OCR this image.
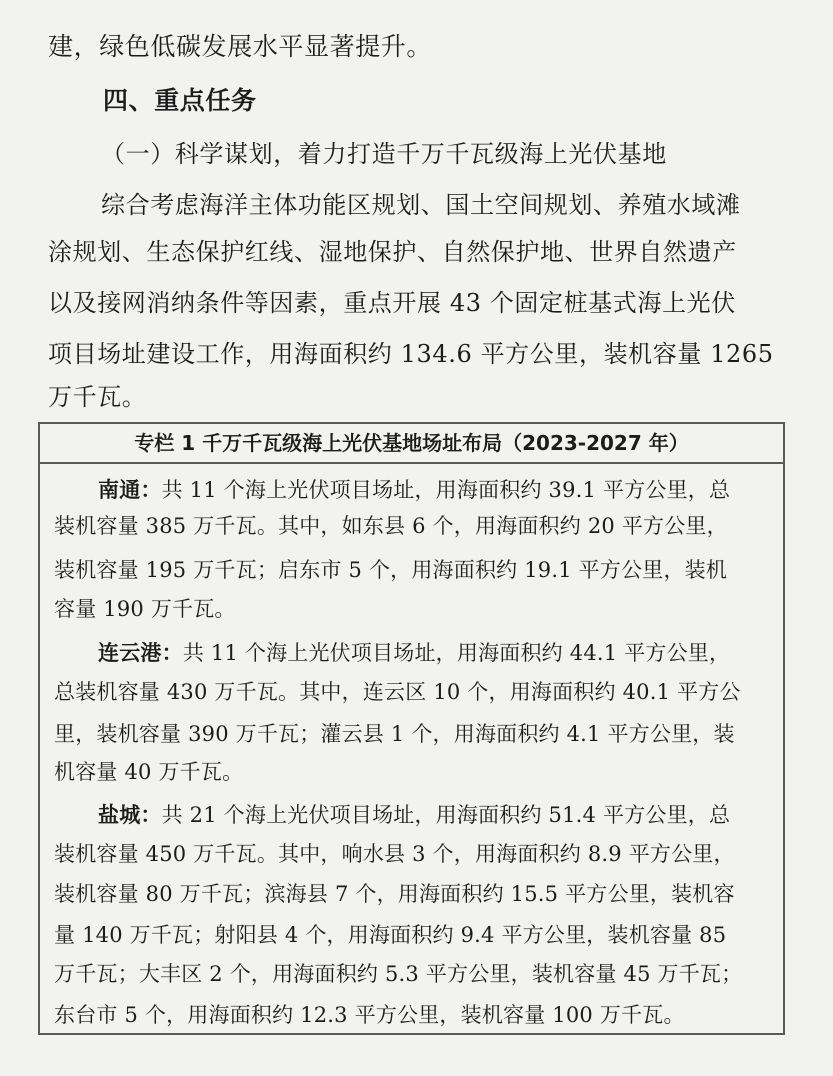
建，绿色低碳发展水平显著提升。
四、重点任务
（一）科学谋划，着力打造千万千瓦级海上光伏基地
综合考虑海洋主体功能区规划、国土空间规划、养殖水域滩
涂规划、生态保护红线、湿地保护、自然保护地、世界自然遗产
以及接网消纳条件等因素，重点开展 43 个固定桩基式海上光伏
项目场址建设工作，用海面积约 134.6 平方公里，装机容量 1265
万千瓦。
专栏 1 千万千瓦级海上光伏基地场址布局（2023-2027 年）
南通：共 11 个海上光伏项目场址，用海面积约 39.1 平方公里，总
装机容量 385 万千瓦。其中，如东县 6 个，用海面积约 20 平方公里，
装机容量 195 万千瓦；启东市 5 个，用海面积约 19.1 平方公里，装机
容量 190 万千瓦。
连云港：共 11 个海上光伏项目场址，用海面积约 44.1 平方公里，
总装机容量 430 万千瓦。其中，连云区 10 个，用海面积约 40.1 平方公
里，装机容量 390 万千瓦；灌云县 1 个，用海面积约 4.1 平方公里，装
机容量 40 万千瓦。
盐城：共 21 个海上光伏项目场址，用海面积约 51.4 平方公里，总
装机容量 450 万千瓦。其中，响水县 3 个，用海面积约 8.9 平方公里，
装机容量 80 万千瓦；滨海县 7 个，用海面积约 15.5 平方公里，装机容
量 140 万千瓦；射阳县 4 个，用海面积约 9.4 平方公里，装机容量 85
万千瓦；大丰区 2 个，用海面积约 5.3 平方公里，装机容量 45 万千瓦；
东台市 5 个，用海面积约 12.3 平方公里，装机容量 100 万千瓦。
